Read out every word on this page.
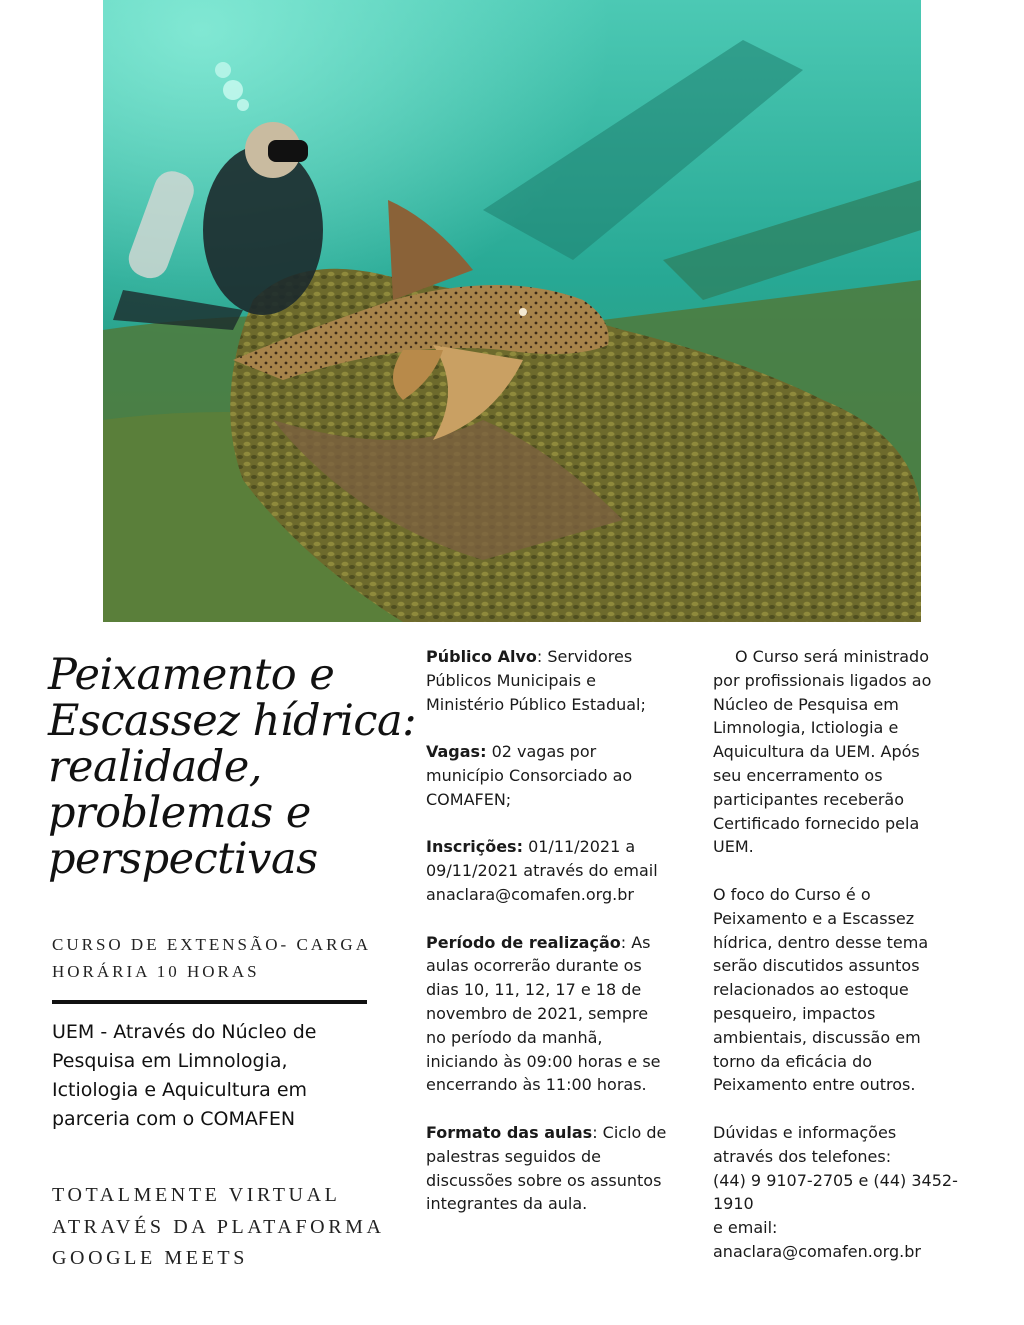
Peixamento e
Escassez hídrica:
realidade,
problemas e
perspectivas
CURSO DE EXTENSÃO- CARGA
HORÁRIA 10 HORAS
UEM - Através do Núcleo de
Pesquisa em Limnologia,
Ictiologia e Aquicultura em
parceria com o COMAFEN
TOTALMENTE VIRTUAL
ATRAVÉS DA PLATAFORMA
GOOGLE MEETS

Público Alvo: Servidores
Públicos Municipais e
Ministério Público Estadual;

Vagas: 02 vagas por
município Consorciado ao
COMAFEN;

Inscrições: 01/11/2021 a
09/11/2021 através do email
anaclara@comafen.org.br

Período de realização: As
aulas ocorrerão durante os
dias 10, 11, 12, 17 e 18 de
novembro de 2021, sempre
no período da manhã,
iniciando às 09:00 horas e se
encerrando às 11:00 horas.

Formato das aulas: Ciclo de
palestras seguidos de
discussões sobre os assuntos
integrantes da aula.

O Curso será ministrado
por profissionais ligados ao
Núcleo de Pesquisa em
Limnologia, Ictiologia e
Aquicultura da UEM. Após
seu encerramento os
participantes receberão
Certificado fornecido pela
UEM.

O foco do Curso é o
Peixamento e a Escassez
hídrica, dentro desse tema
serão discutidos assuntos
relacionados ao estoque
pesqueiro, impactos
ambientais, discussão em
torno da eficácia do
Peixamento entre outros.

Dúvidas e informações
através dos telefones:
(44) 9 9107-2705 e (44) 3452-
1910
e email:
anaclara@comafen.org.br
